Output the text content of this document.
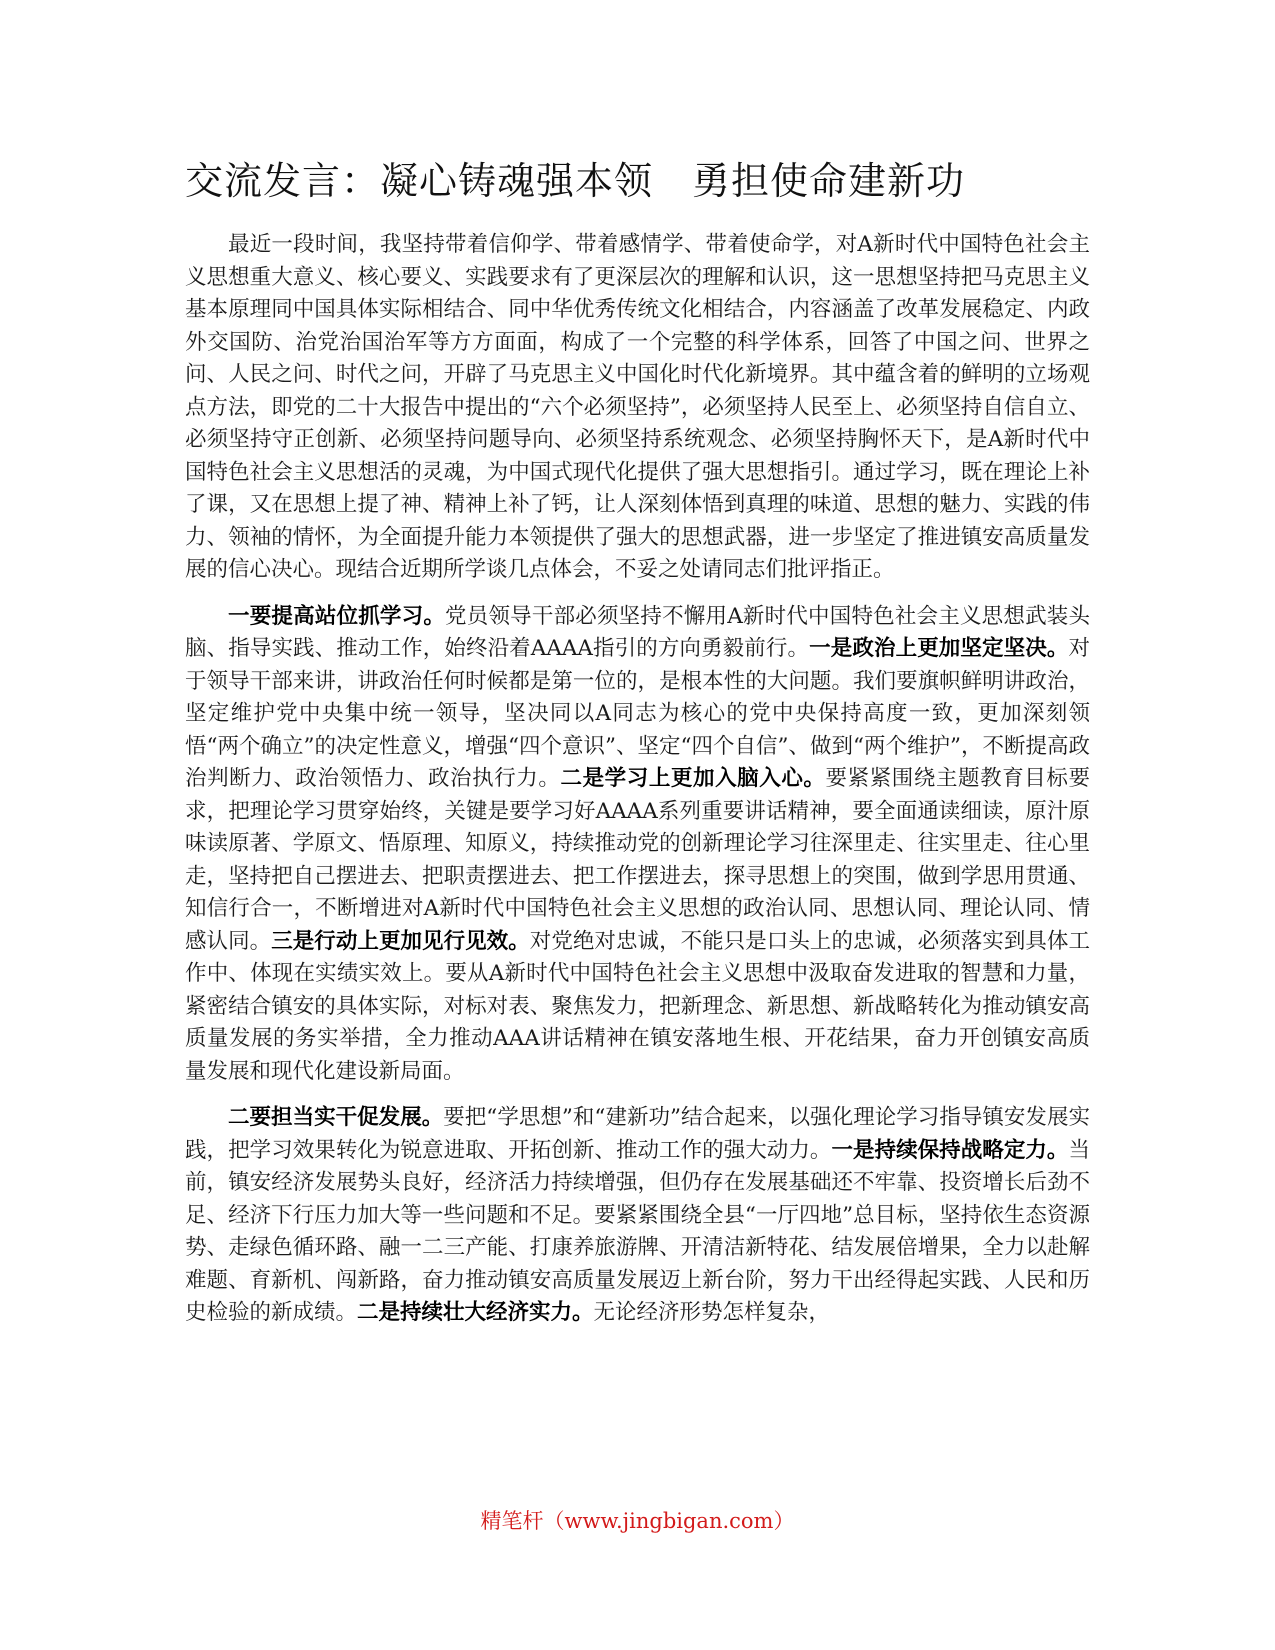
交流发言：凝心铸魂强本领　勇担使命建新功

最近一段时间，我坚持带着信仰学、带着感情学、带着使命学，对A新时代中国特色社会主义思想重大意义、核心要义、实践要求有了更深层次的理解和认识，这一思想坚持把马克思主义基本原理同中国具体实际相结合、同中华优秀传统文化相结合，内容涵盖了改革发展稳定、内政外交国防、治党治国治军等方方面面，构成了一个完整的科学体系，回答了中国之问、世界之问、人民之问、时代之问，开辟了马克思主义中国化时代化新境界。其中蕴含着的鲜明的立场观点方法，即党的二十大报告中提出的“六个必须坚持”，必须坚持人民至上、必须坚持自信自立、必须坚持守正创新、必须坚持问题导向、必须坚持系统观念、必须坚持胸怀天下，是A新时代中国特色社会主义思想活的灵魂，为中国式现代化提供了强大思想指引。通过学习，既在理论上补了课，又在思想上提了神、精神上补了钙，让人深刻体悟到真理的味道、思想的魅力、实践的伟力、领袖的情怀，为全面提升能力本领提供了强大的思想武器，进一步坚定了推进镇安高质量发展的信心决心。现结合近期所学谈几点体会，不妥之处请同志们批评指正。

一要提高站位抓学习。党员领导干部必须坚持不懈用A新时代中国特色社会主义思想武装头脑、指导实践、推动工作，始终沿着AAAA指引的方向勇毅前行。一是政治上更加坚定坚决。对于领导干部来讲，讲政治任何时候都是第一位的，是根本性的大问题。我们要旗帜鲜明讲政治，坚定维护党中央集中统一领导，坚决同以A同志为核心的党中央保持高度一致，更加深刻领悟“两个确立”的决定性意义，增强“四个意识”、坚定“四个自信”、做到“两个维护”，不断提高政治判断力、政治领悟力、政治执行力。二是学习上更加入脑入心。要紧紧围绕主题教育目标要求，把理论学习贯穿始终，关键是要学习好AAAA系列重要讲话精神，要全面通读细读，原汁原味读原著、学原文、悟原理、知原义，持续推动党的创新理论学习往深里走、往实里走、往心里走，坚持把自己摆进去、把职责摆进去、把工作摆进去，探寻思想上的突围，做到学思用贯通、知信行合一，不断增进对A新时代中国特色社会主义思想的政治认同、思想认同、理论认同、情感认同。三是行动上更加见行见效。对党绝对忠诚，不能只是口头上的忠诚，必须落实到具体工作中、体现在实绩实效上。要从A新时代中国特色社会主义思想中汲取奋发进取的智慧和力量，紧密结合镇安的具体实际，对标对表、聚焦发力，把新理念、新思想、新战略转化为推动镇安高质量发展的务实举措，全力推动AAA讲话精神在镇安落地生根、开花结果，奋力开创镇安高质量发展和现代化建设新局面。

二要担当实干促发展。要把“学思想”和“建新功”结合起来，以强化理论学习指导镇安发展实践，把学习效果转化为锐意进取、开拓创新、推动工作的强大动力。一是持续保持战略定力。当前，镇安经济发展势头良好，经济活力持续增强，但仍存在发展基础还不牢靠、投资增长后劲不足、经济下行压力加大等一些问题和不足。要紧紧围绕全县“一厅四地”总目标，坚持依生态资源势、走绿色循环路、融一二三产能、打康养旅游牌、开清洁新特花、结发展倍增果，全力以赴解难题、育新机、闯新路，奋力推动镇安高质量发展迈上新台阶，努力干出经得起实践、人民和历史检验的新成绩。二是持续壮大经济实力。无论经济形势怎样复杂，

精笔杆（www.jingbigan.com）
